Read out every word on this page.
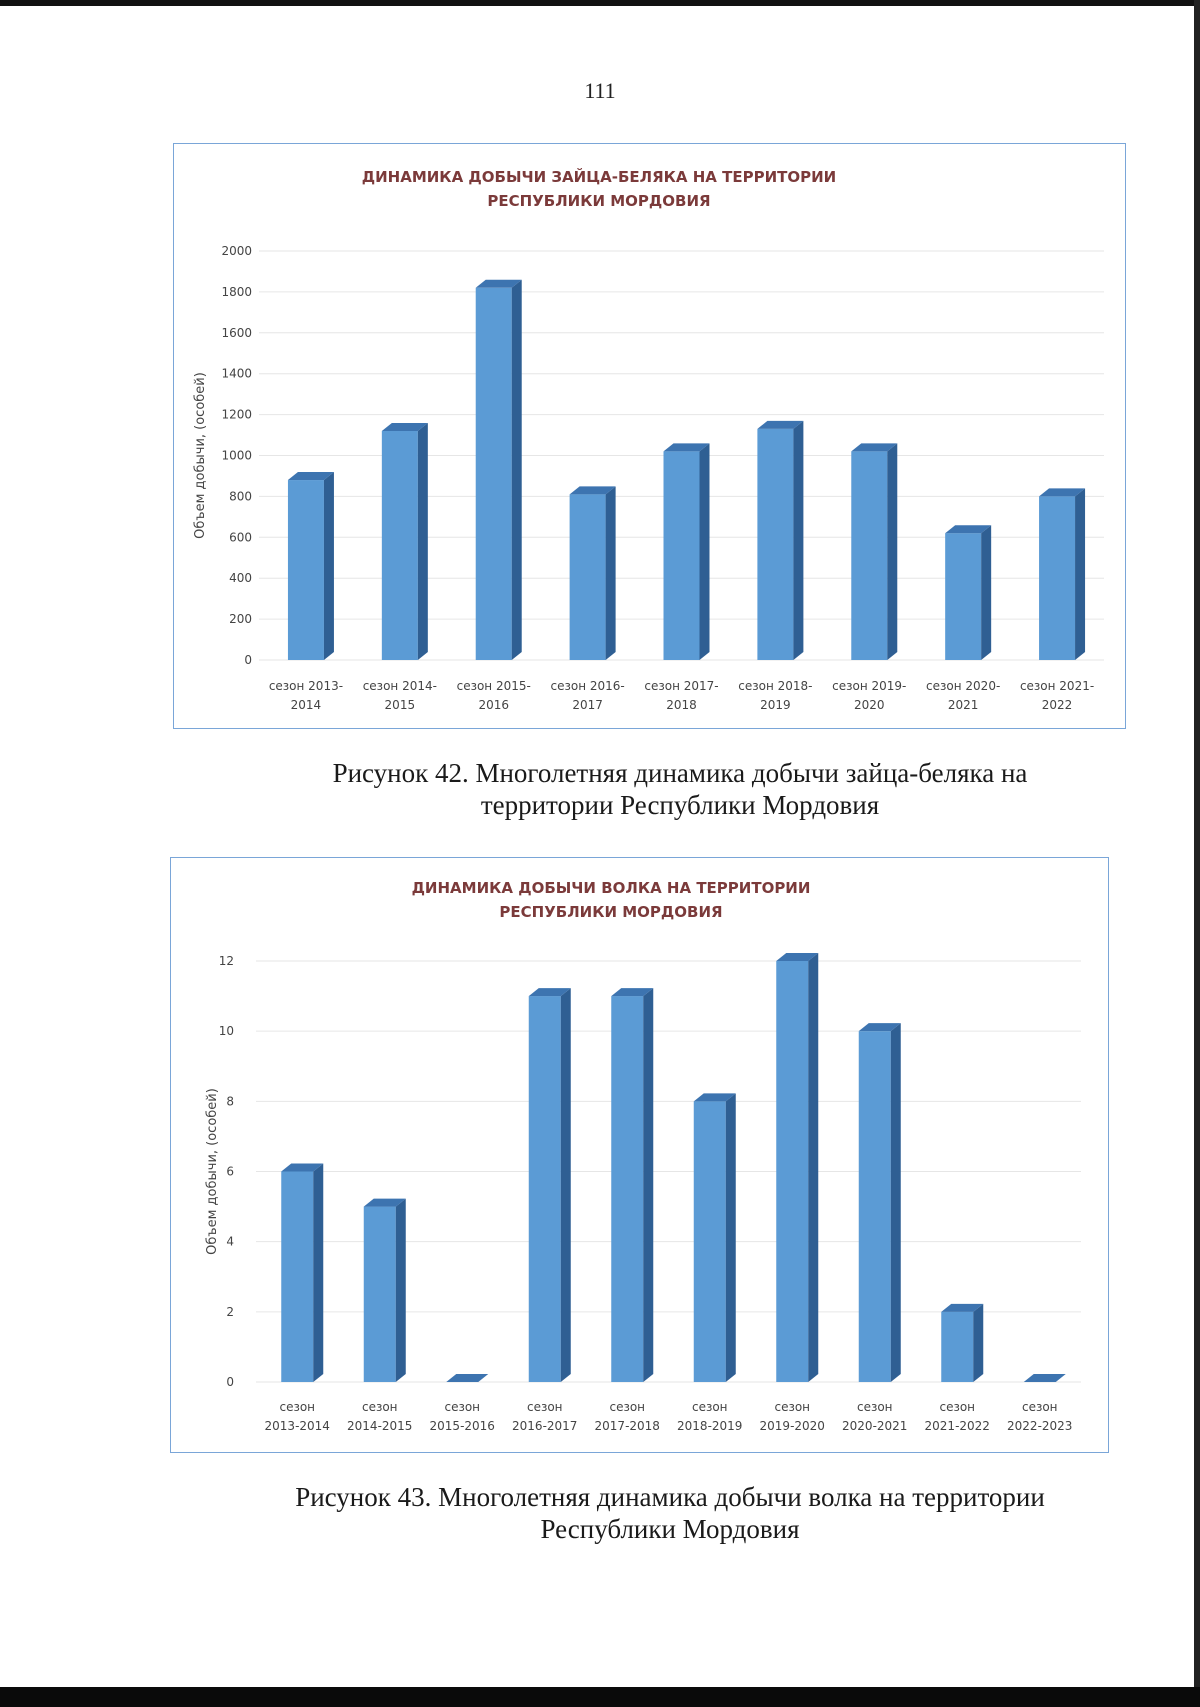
111
ДИНАМИКА ДОБЫЧИ ЗАЙЦА-БЕЛЯКА НА ТЕРРИТОРИИ
РЕСПУБЛИКИ МОРДОВИЯ
Объем добычи, (особей)
0
200
400
600
800
1000
1200
1400
1600
1800
2000
сезон 2013-
2014
сезон 2014-
2015
сезон 2015-
2016
сезон 2016-
2017
сезон 2017-
2018
сезон 2018-
2019
сезон 2019-
2020
сезон 2020-
2021
сезон 2021-
2022
Рисунок 42. Многолетняя динамика добычи зайца-беляка на
территории Республики Мордовия
ДИНАМИКА ДОБЫЧИ ВОЛКА НА ТЕРРИТОРИИ
РЕСПУБЛИКИ МОРДОВИЯ
Объем добычи, (особей)
0
2
4
6
8
10
12
сезон
2013-2014
сезон
2014-2015
сезон
2015-2016
сезон
2016-2017
сезон
2017-2018
сезон
2018-2019
сезон
2019-2020
сезон
2020-2021
сезон
2021-2022
сезон
2022-2023
Рисунок 43. Многолетняя динамика добычи волка на территории
Республики Мордовия
